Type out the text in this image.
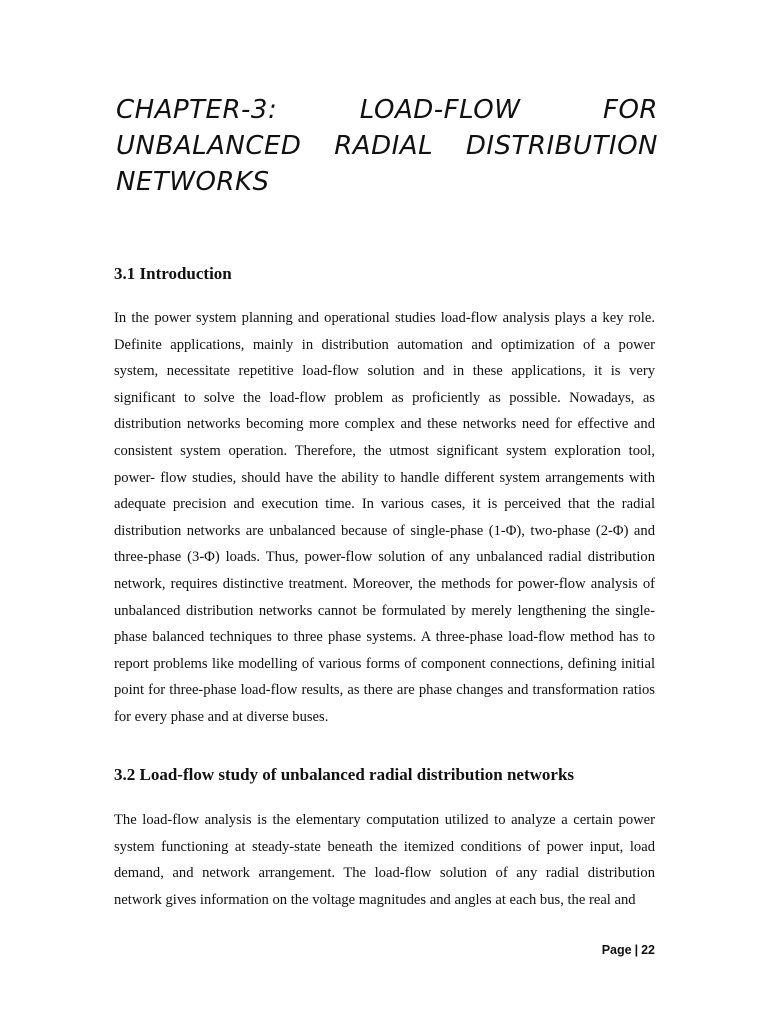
CHAPTER-3: LOAD-FLOW FOR UNBALANCED RADIAL DISTRIBUTION NETWORKS
3.1 Introduction

In the power system planning and operational studies load-flow analysis plays a key role. Definite applications, mainly in distribution automation and optimization of a power system, necessitate repetitive load-flow solution and in these applications, it is very significant to solve the load-flow problem as proficiently as possible. Nowadays, as distribution networks becoming more complex and these networks need for effective and consistent system operation. Therefore, the utmost significant system exploration tool, power- flow studies, should have the ability to handle different system arrangements with adequate precision and execution time. In various cases, it is perceived that the radial distribution networks are unbalanced because of single-phase (1-Φ), two-phase (2-Φ) and three-phase (3-Φ) loads. Thus, power-flow solution of any unbalanced radial distribution network, requires distinctive treatment. Moreover, the methods for power-flow analysis of unbalanced distribution networks cannot be formulated by merely lengthening the single-phase balanced techniques to three phase systems. A three-phase load-flow method has to report problems like modelling of various forms of component connections, defining initial point for three-phase load-flow results, as there are phase changes and transformation ratios for every phase and at diverse buses.

3.2 Load-flow study of unbalanced radial distribution networks

The load-flow analysis is the elementary computation utilized to analyze a certain power system functioning at steady-state beneath the itemized conditions of power input, load demand, and network arrangement. The load-flow solution of any radial distribution network gives information on the voltage magnitudes and angles at each bus, the real and

Page | 22
